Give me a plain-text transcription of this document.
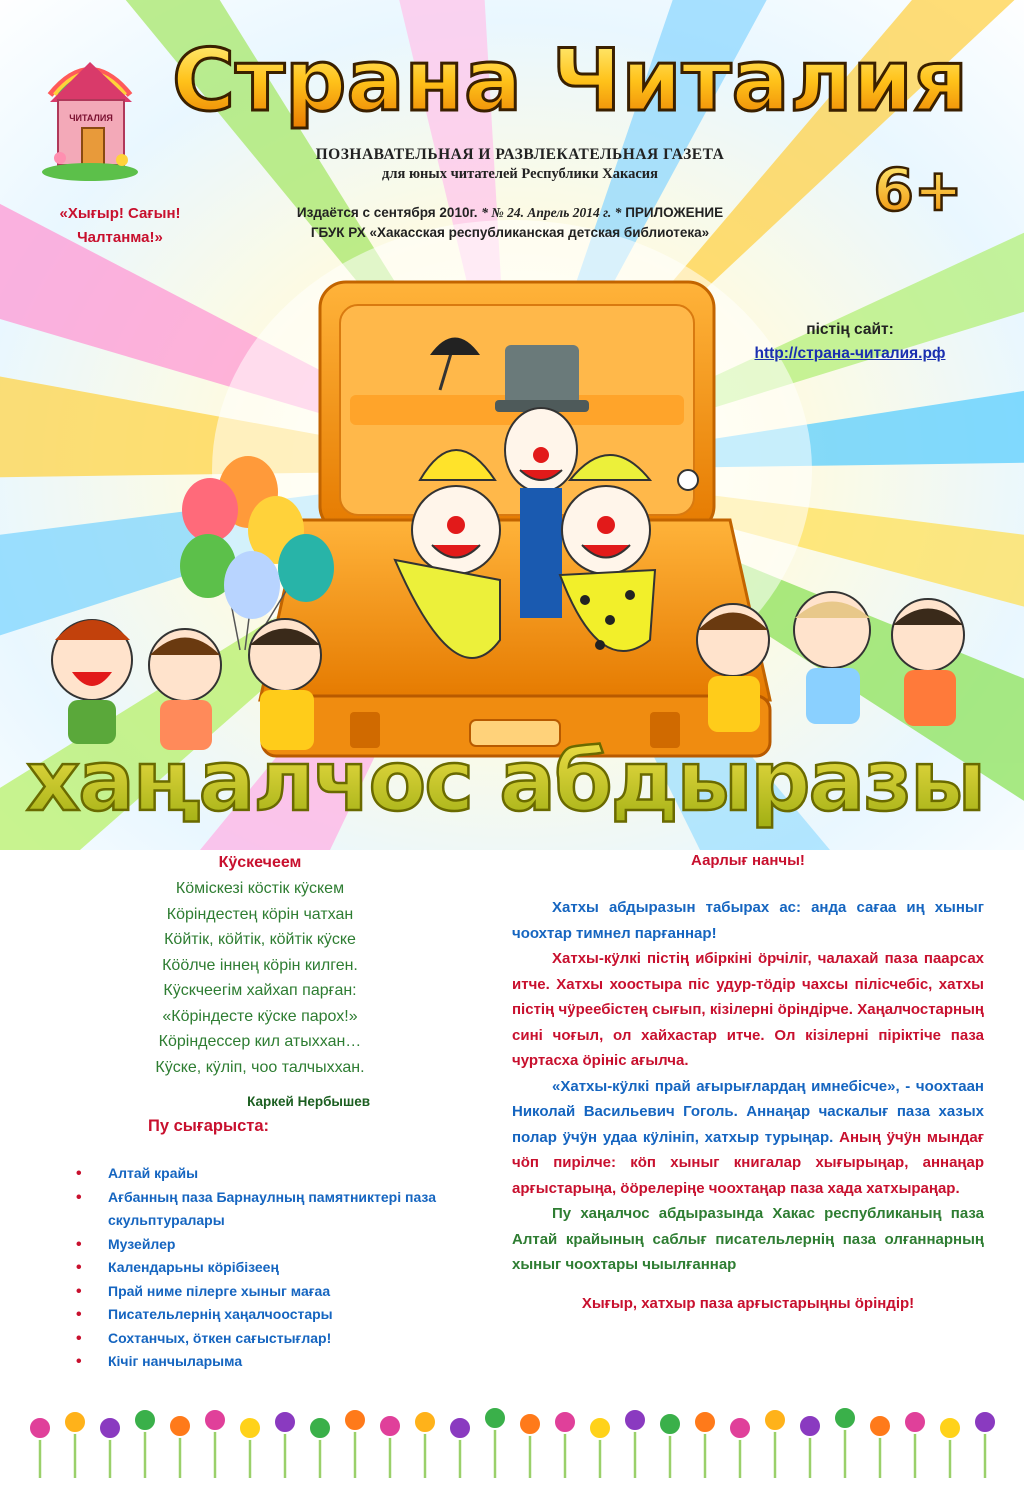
ЧИТАЛИЯ
хаңалчос абдыразы
Страна Читалия
ПОЗНАВАТЕЛЬНАЯ И РАЗВЛЕКАТЕЛЬНАЯ ГАЗЕТА
для юных читателей Республики Хакасия
«Хығыр! Сағын!
Чалтанма!»
Издаётся с сентября 2010г. * № 24. Апрель 2014 г. * ПРИЛОЖЕНИЕ
ГБУК РХ «Хакасская республиканская детская библиотека»
6+
пістің сайт:
http://страна-читалия.рф
Кӱскечеем
Кӧміскезі кӧстік кӱскем
Кӧріндестең кӧрін чатхан
Кӧйтік, кӧйтік, кӧйтік кӱске
Кӧӧлче іннең кӧрін килген.
Кӱскчеегім хайхап парған:
«Кӧріндесте кӱске парох!»
Кӧріндессер кил атыххан…
Кӱске, кӱліп, чоо талчыххан.
Каркей Нербышев
Пу сығарыста:
• Алтай крайы
• Ағбанның паза Барнаулның памятниктері паза скульптуралары
• Музейлер
• Календарьны кӧрібізеең
• Прай ниме пілерге хыныг мағаа
• Писательлернің хаңалчоостары
• Сохтанчых, ӧткен сағыстығлар!
• Кічіг нанчыларыма
Аарлығ нанчы!

Хатхы абдыразын табырах ас: анда сағаа иң хыныг чоохтар тимнел парғаннар!

Хатхы-кӱлкі пістің ибіркіні ӧрчіліг, чалахай паза паарсах итче. Хатхы хоостыра піс удур-тӧдір чахсы пілісчебіс, хатхы пістің чӱреебістең сығып, кізілерні ӧріндірче. Хаңалчостарның сині чоғыл, ол хайхастар итче. Ол кізілерні піріктіче паза чуртасха ӧрініс ағылча.

«Хатхы-кӱлкі прай ағырығлардаң имнебісче», - чоохтаан Николай Васильевич Гоголь. Аннаңар часкалығ паза хазых полар ӱчӱн удаа кӱлініп, хатхыр турыңар. Аның ӱчӱн мындағ чӧп пирілче: кӧп хыныг книгалар хығырыңар, аннаңар арғыстарыңа, ӧӧрелеріңе чоохтаңар паза хада хатхыраңар.

Пу хаңалчос абдыразында Хакас республиканың паза Алтай крайының саблығ писательлернің паза олғаннарның хыныг чоохтары чыылғаннар

Хығыр, хатхыр паза арғыстарыңны ӧріндір!
